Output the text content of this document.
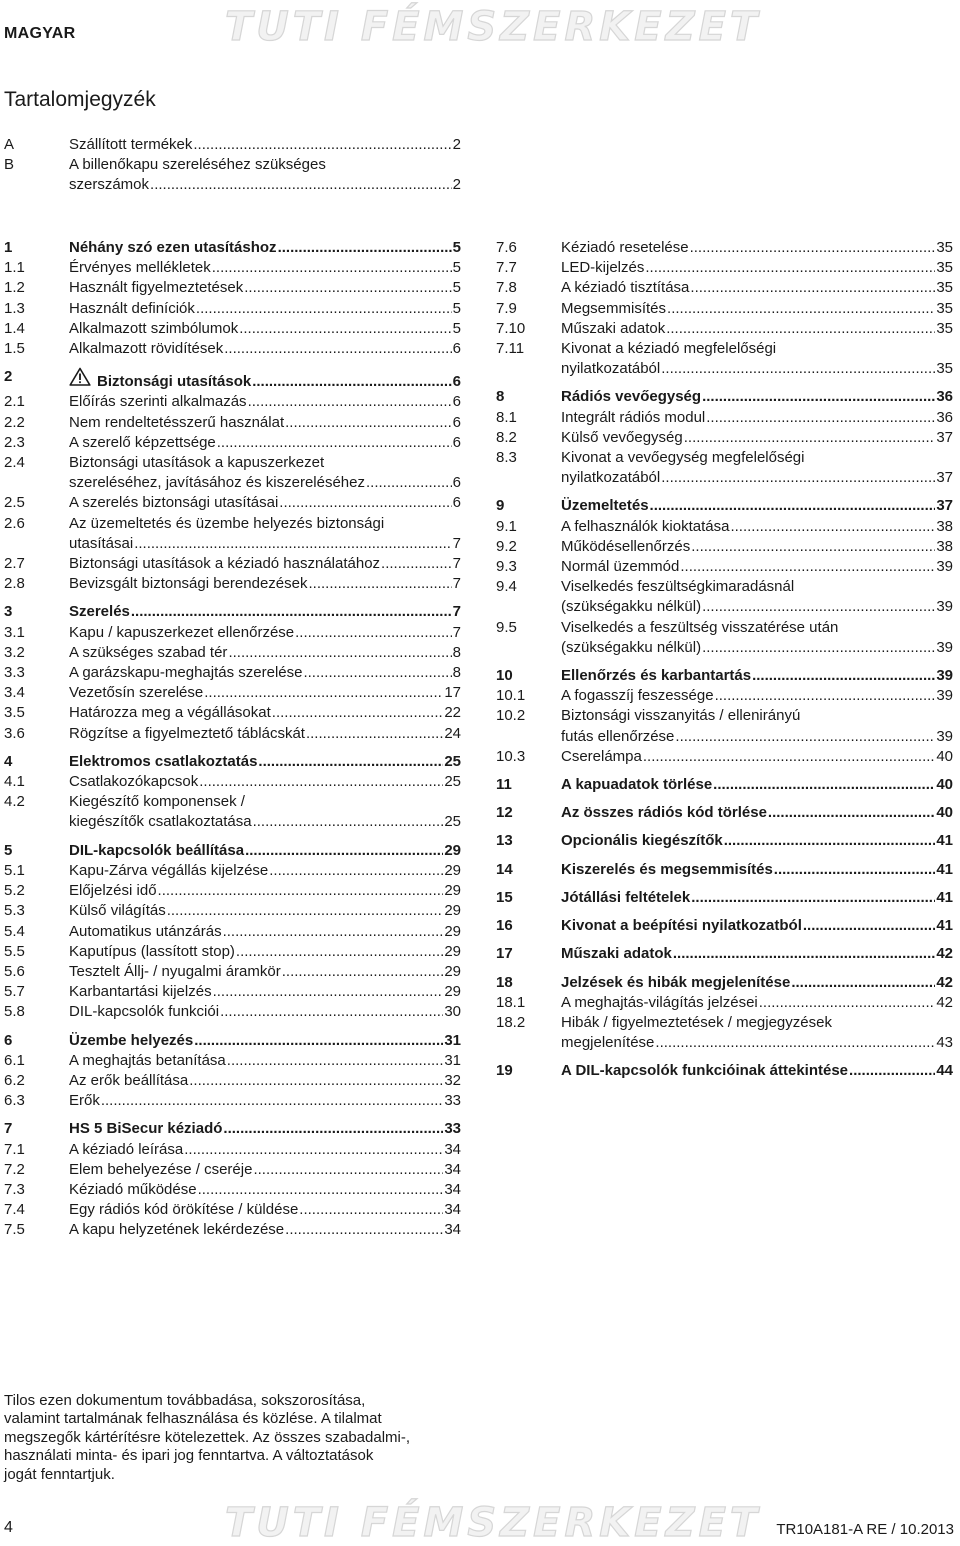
MAGYAR	TUTI FÉMSZERKEZET
Tartalomjegyzék
A	Szállított termékek .....	2
B	A billenőkapu szereléséhez szükséges
szerszámok .....	2
1	Néhány szó ezen utasításhoz .....	5
1.1	Érvényes mellékletek .....	5
1.2	Használt figyelmeztetések .....	5
1.3	Használt definíciók .....	5
1.4	Alkalmazott szimbólumok .....	5
1.5	Alkalmazott rövidítések .....	6
2	Biztonsági utasítások .....	6
2.1	Előírás szerinti alkalmazás .....	6
2.2	Nem rendeltetésszerű használat .....	6
2.3	A szerelő képzettsége .....	6
2.4	Biztonsági utasítások a kapuszerkezet
szereléséhez, javításához és kiszereléséhez .....	6
2.5	A szerelés biztonsági utasításai .....	6
2.6	Az üzemeltetés és üzembe helyezés biztonsági
utasításai .....	7
2.7	Biztonsági utasítások a kéziadó használatához .....	7
2.8	Bevizsgált biztonsági berendezések .....	7
3	Szerelés .....	7
3.1	Kapu / kapuszerkezet ellenőrzése .....	7
3.2	A szükséges szabad tér .....	8
3.3	A garázskapu-meghajtás szerelése .....	8
3.4	Vezetősín szerelése .....	17
3.5	Határozza meg a végállásokat .....	22
3.6	Rögzítse a figyelmeztető táblácskát .....	24
4	Elektromos csatlakoztatás .....	25
4.1	Csatlakozókapcsok .....	25
4.2	Kiegészítő komponensek /
kiegészítők csatlakoztatása .....	25
5	DIL-kapcsolók beállítása .....	29
5.1	Kapu-Zárva végállás kijelzése .....	29
5.2	Előjelzési idő .....	29
5.3	Külső világítás .....	29
5.4	Automatikus utánzárás .....	29
5.5	Kaputípus (lassított stop) .....	29
5.6	Tesztelt Állj- / nyugalmi áramkör .....	29
5.7	Karbantartási kijelzés .....	29
5.8	DIL-kapcsolók funkciói .....	30
6	Üzembe helyezés .....	31
6.1	A meghajtás betanítása .....	31
6.2	Az erők beállítása .....	32
6.3	Erők .....	33
7	HS 5 BiSecur kéziadó .....	33
7.1	A kéziadó leírása .....	34
7.2	Elem behelyezése / cseréje .....	34
7.3	Kéziadó működése .....	34
7.4	Egy rádiós kód örökítése / küldése .....	34
7.5	A kapu helyzetének lekérdezése .....	34
7.6	Kéziadó resetelése .....	35
7.7	LED-kijelzés .....	35
7.8	A kéziadó tisztítása .....	35
7.9	Megsemmisítés .....	35
7.10 Műszaki adatok .....	35
7.11 Kivonat a kéziadó megfelelőségi
nyilatkozatából .....	35
8	Rádiós vevőegység .....	36
8.1	Integrált rádiós modul .....	36
8.2	Külső vevőegység .....	37
8.3	Kivonat a vevőegység megfelelőségi
nyilatkozatából .....	37
9	Üzemeltetés .....	37
9.1	A felhasználók kioktatása .....	38
9.2	Működésellenőrzés .....	38
9.3	Normál üzemmód .....	39
9.4	Viselkedés feszültségkimaradásnál
(szükségakku nélkül) .....	39
9.5	Viselkedés a feszültség visszatérése után
(szükségakku nélkül) .....	39
10	Ellenőrzés és karbantartás .....	39
10.1 A fogasszíj feszessége .....	39
10.2 Biztonsági visszanyitás / ellenirányú
futás ellenőrzése .....	39
10.3 Cserelámpa .....	40
11	A kapuadatok törlése .....	40
12	Az összes rádiós kód törlése .....	40
13	Opcionális kiegészítők .....	41
14	Kiszerelés és megsemmisítés .....	41
15	Jótállási feltételek .....	41
16	Kivonat a beépítési nyilatkozatból .....	41
17	Műszaki adatok .....	42
18	Jelzések és hibák megjelenítése .....	42
18.1 A meghajtás-világítás jelzései .....	42
18.2 Hibák / figyelmeztetések / megjegyzések
megjelenítése .....	43
19	A DIL-kapcsolók funkcióinak áttekintése .....	44
Tilos ezen dokumentum továbbadása, sokszorosítása,
valamint tartalmának felhasználása és közlése. A tilalmat
megszegők kártérítésre kötelezettek. Az összes szabadalmi-,
használati minta- és ipari jog fenntartva. A változtatások
jogát fenntartjuk.
4	TUTI FÉMSZERKEZET TR10A181-A RE / 10.2013
